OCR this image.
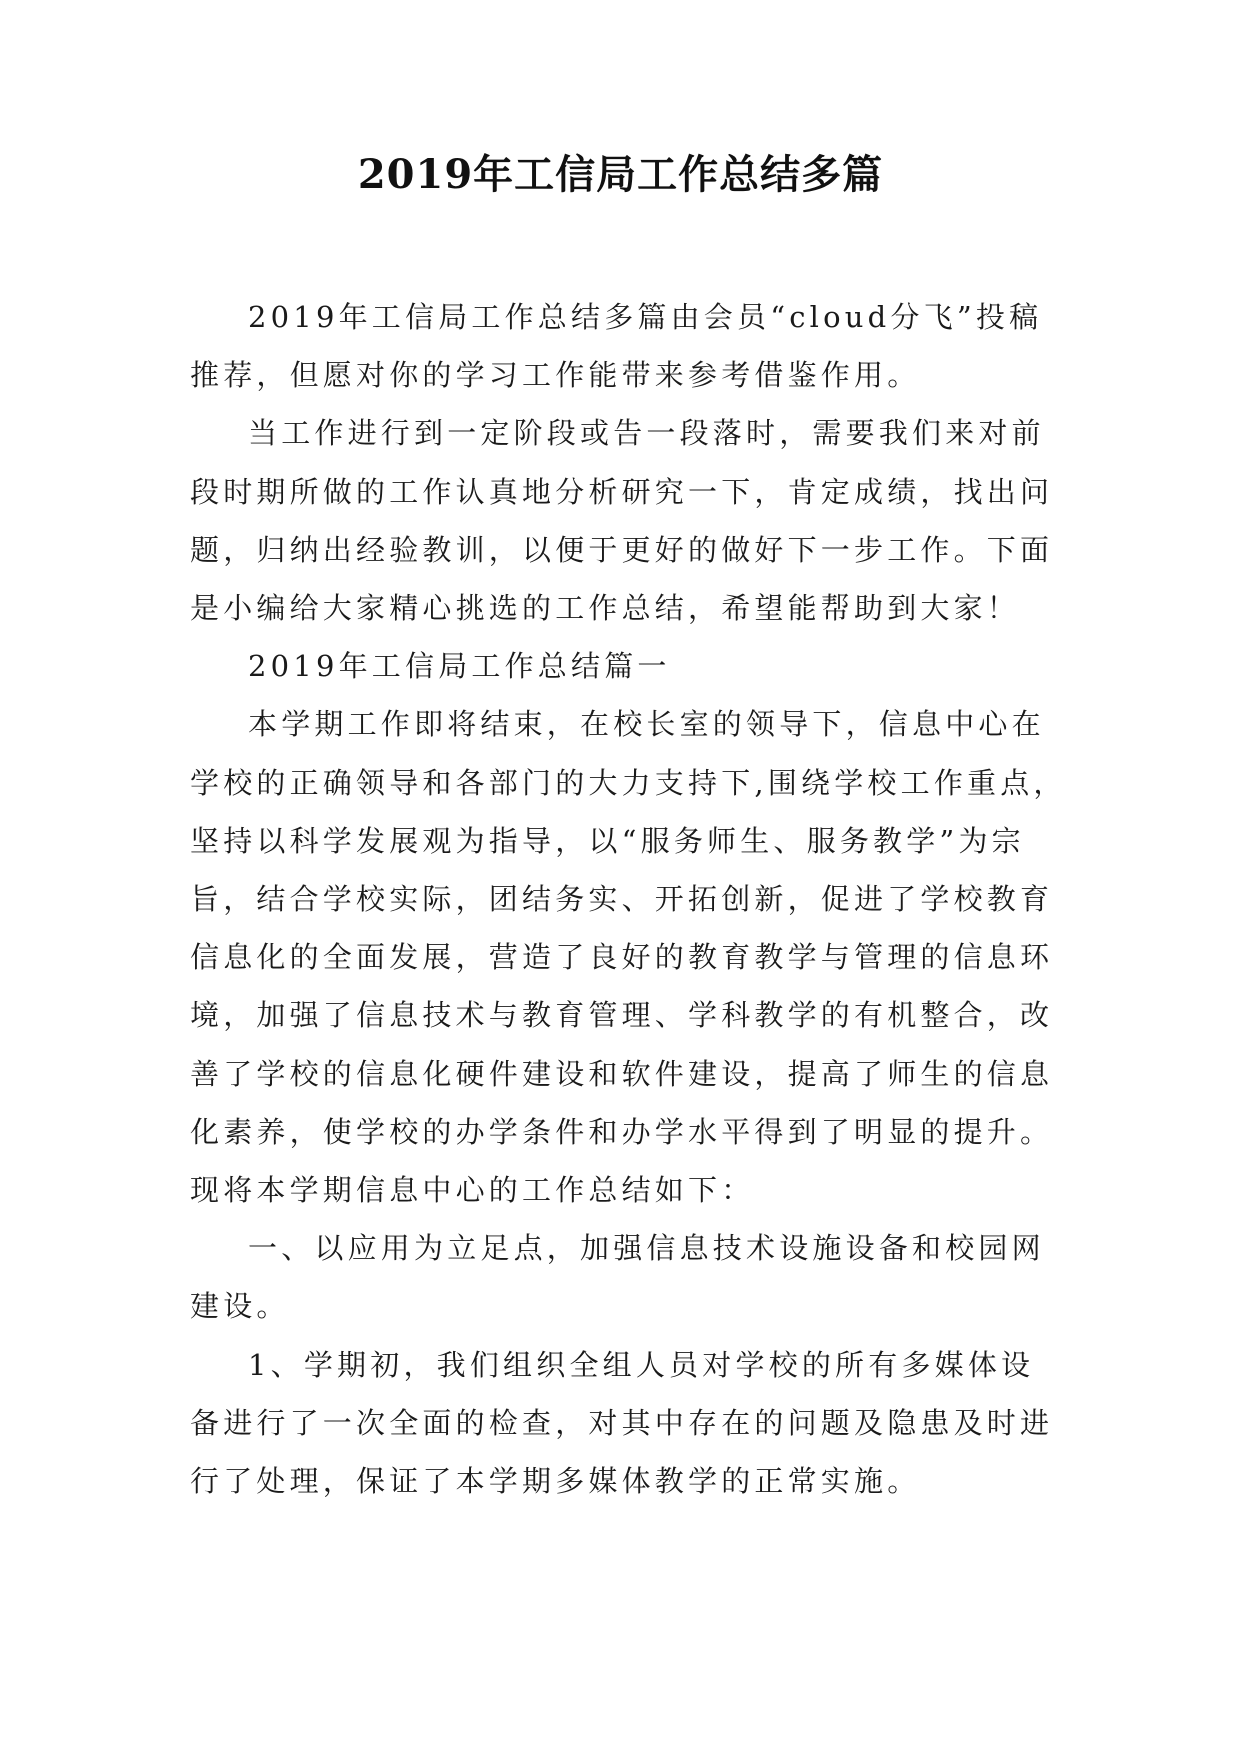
2019年工信局工作总结多篇

2019年工信局工作总结多篇由会员“cloud分飞”投稿
推荐，但愿对你的学习工作能带来参考借鉴作用。

当工作进行到一定阶段或告一段落时，需要我们来对前
段时期所做的工作认真地分析研究一下，肯定成绩，找出问
题，归纳出经验教训，以便于更好的做好下一步工作。下面
是小编给大家精心挑选的工作总结，希望能帮助到大家！

2019年工信局工作总结篇一

本学期工作即将结束，在校长室的领导下，信息中心在
学校的正确领导和各部门的大力支持下,围绕学校工作重点，
坚持以科学发展观为指导，以“服务师生、服务教学”为宗
旨，结合学校实际，团结务实、开拓创新，促进了学校教育
信息化的全面发展，营造了良好的教育教学与管理的信息环
境，加强了信息技术与教育管理、学科教学的有机整合，改
善了学校的信息化硬件建设和软件建设，提高了师生的信息
化素养，使学校的办学条件和办学水平得到了明显的提升。
现将本学期信息中心的工作总结如下：

一、以应用为立足点，加强信息技术设施设备和校园网
建设。

1、学期初，我们组织全组人员对学校的所有多媒体设
备进行了一次全面的检查，对其中存在的问题及隐患及时进
行了处理，保证了本学期多媒体教学的正常实施。
